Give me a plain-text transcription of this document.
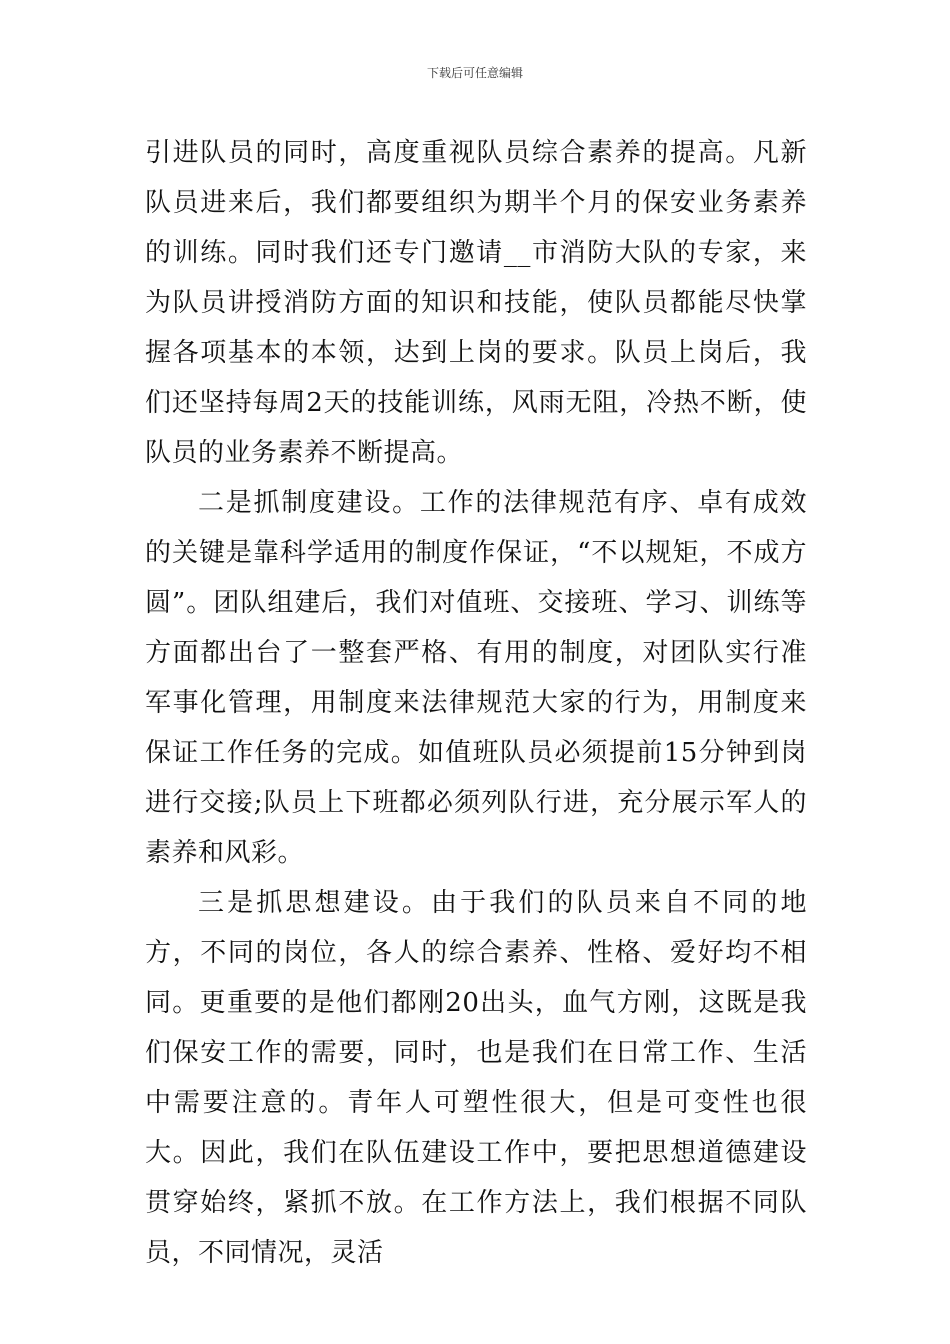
下载后可任意编辑

引进队员的同时，高度重视队员综合素养的提高。凡新队员进来后，我们都要组织为期半个月的保安业务素养的训练。同时我们还专门邀请__市消防大队的专家，来为队员讲授消防方面的知识和技能，使队员都能尽快掌握各项基本的本领，达到上岗的要求。队员上岗后，我们还坚持每周2天的技能训练，风雨无阻，冷热不断，使队员的业务素养不断提高。

二是抓制度建设。工作的法律规范有序、卓有成效的关键是靠科学适用的制度作保证，“不以规矩，不成方圆”。团队组建后，我们对值班、交接班、学习、训练等方面都出台了一整套严格、有用的制度，对团队实行准军事化管理，用制度来法律规范大家的行为，用制度来保证工作任务的完成。如值班队员必须提前15分钟到岗进行交接;队员上下班都必须列队行进，充分展示军人的素养和风彩。

三是抓思想建设。由于我们的队员来自不同的地方，不同的岗位，各人的综合素养、性格、爱好均不相同。更重要的是他们都刚20出头，血气方刚，这既是我们保安工作的需要，同时，也是我们在日常工作、生活中需要注意的。青年人可塑性很大，但是可变性也很大。因此，我们在队伍建设工作中，要把思想道德建设贯穿始终，紧抓不放。在工作方法上，我们根据不同队员，不同情况，灵活
